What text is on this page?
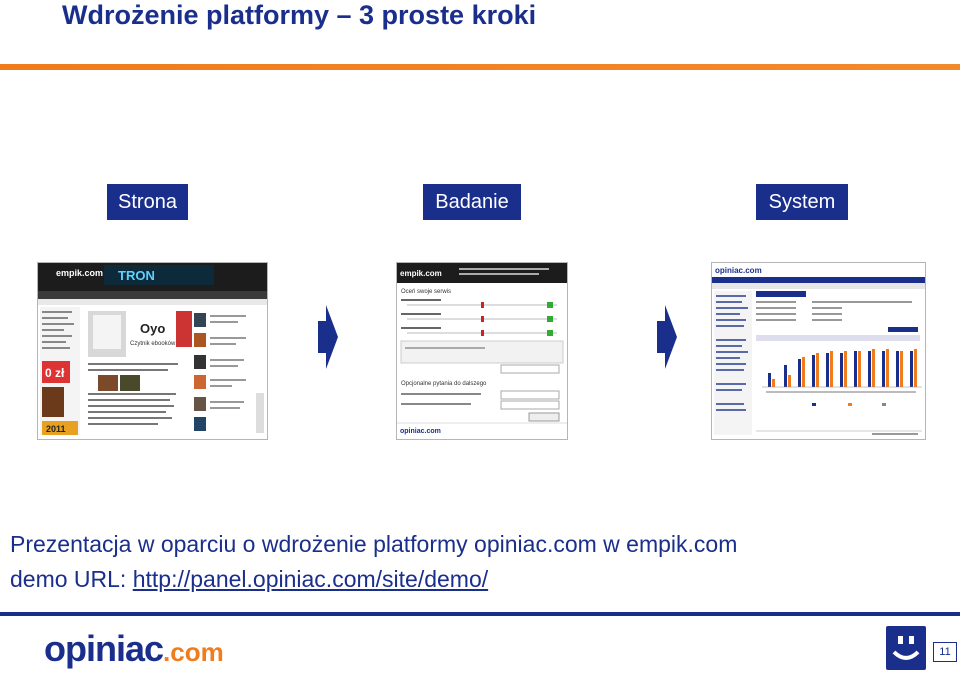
Wdrożenie platformy – 3 proste kroki
Strona	Badanie	System
empik.com TRON
0 zł
2011
Oyo
Czytnik ebooków
empik.com
Oceń swoje serwis
Opcjonalne pytania do dalszego
opiniac.com
opiniac.com
Prezentacja w oparciu o wdrożenie platformy opiniac.com w empik.com
demo URL: http://panel.opiniac.com/site/demo/
opiniac.com	11
